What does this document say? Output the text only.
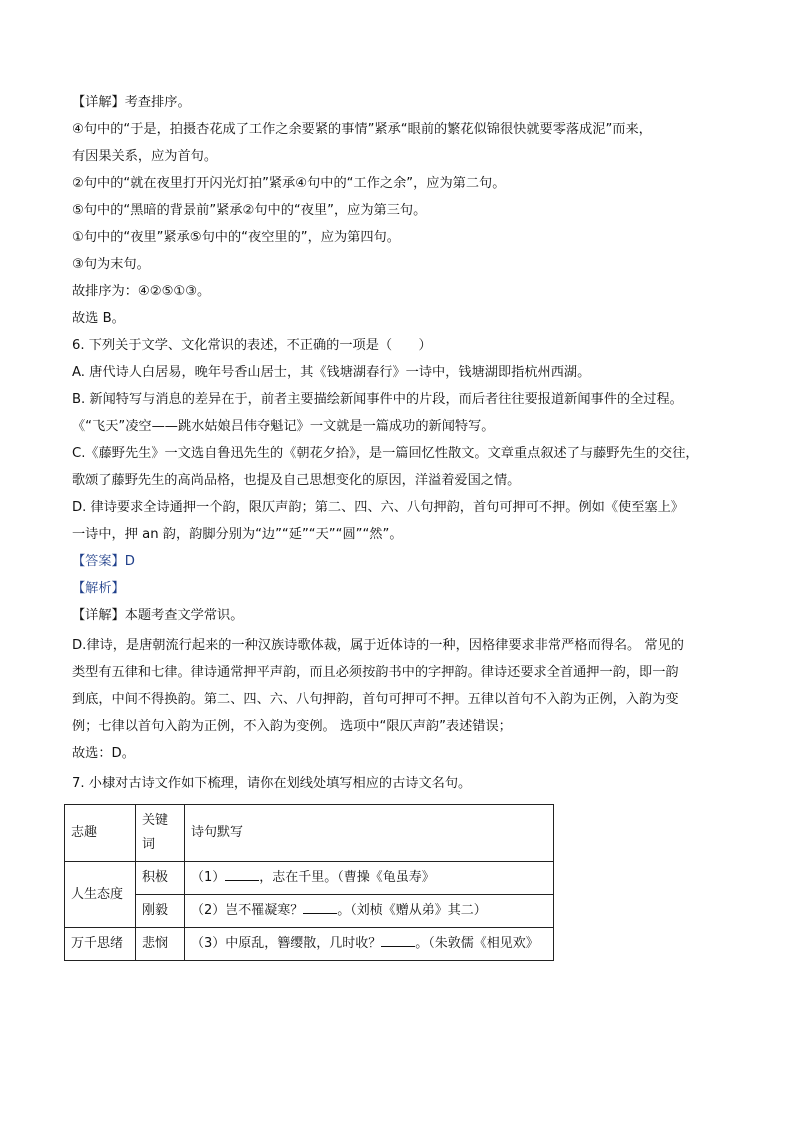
【详解】考查排序。
④句中的“于是，拍摄杏花成了工作之余要紧的事情”紧承“眼前的繁花似锦很快就要零落成泥”而来，
有因果关系，应为首句。
②句中的“就在夜里打开闪光灯拍”紧承④句中的“工作之余”，应为第二句。
⑤句中的“黑暗的背景前”紧承②句中的“夜里”，应为第三句。
①句中的“夜里”紧承⑤句中的“夜空里的”，应为第四句。
③句为末句。
故排序为：④②⑤①③。
故选 B。
6. 下列关于文学、文化常识的表述，不正确的一项是（　　）
A. 唐代诗人白居易，晚年号香山居士，其《钱塘湖春行》一诗中，钱塘湖即指杭州西湖。
B. 新闻特写与消息的差异在于，前者主要描绘新闻事件中的片段，而后者往往要报道新闻事件的全过程。
《“飞天”凌空——跳水姑娘吕伟夺魁记》一文就是一篇成功的新闻特写。
C.《藤野先生》一文选自鲁迅先生的《朝花夕拾》，是一篇回忆性散文。文章重点叙述了与藤野先生的交往，
歌颂了藤野先生的高尚品格，也提及自己思想变化的原因，洋溢着爱国之情。
D. 律诗要求全诗通押一个韵，限仄声韵；第二、四、六、八句押韵，首句可押可不押。例如《使至塞上》
一诗中，押 an 韵，韵脚分别为“边”“延”“天”“圆”“然”。
【答案】D
【解析】
【详解】本题考查文学常识。
D.律诗，是唐朝流行起来的一种汉族诗歌体裁，属于近体诗的一种，因格律要求非常严格而得名。 常见的
类型有五律和七律。律诗通常押平声韵，而且必须按韵书中的字押韵。律诗还要求全首通押一韵，即一韵
到底，中间不得换韵。第二、四、六、八句押韵，首句可押可不押。五律以首句不入韵为正例，入韵为变
例；七律以首句入韵为正例，不入韵为变例。 选项中“限仄声韵”表述错误；
故选：D。
7. 小棣对古诗文作如下梳理，请你在划线处填写相应的古诗文名句。
志趣	关键词	诗句默写
人生态度	积极	（1） ，志在千里。（曹操《龟虽寿》
	刚毅	（2）岂不罹凝寒？ 。（刘桢《赠从弟》其二）
万千思绪	悲悯	（3）中原乱，簪缨散，几时收？ 。（朱敦儒《相见欢》
